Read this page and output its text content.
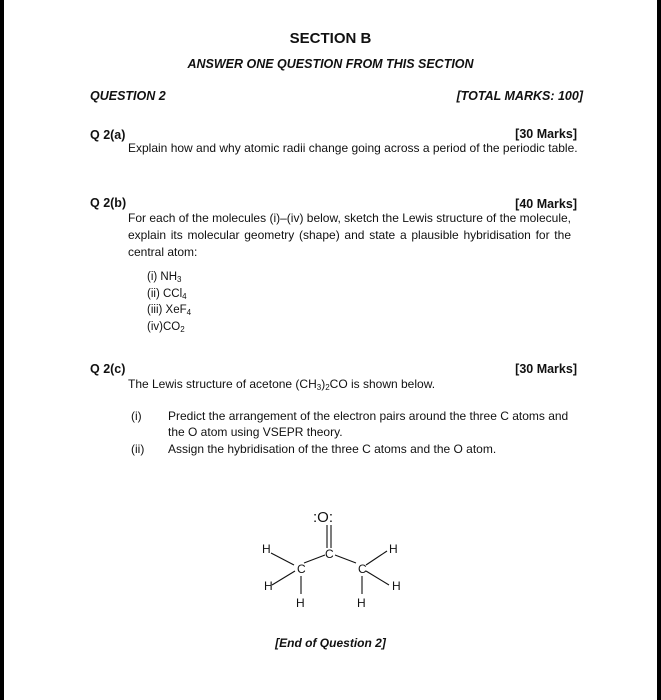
SECTION B
ANSWER ONE QUESTION FROM THIS SECTION
QUESTION 2	[TOTAL MARKS: 100]
Q 2(a)	[30 Marks]
Explain how and why atomic radii change going across a period of the periodic table.
Q 2(b)	[40 Marks]
For each of the molecules (i)–(iv) below, sketch the Lewis structure of the molecule, explain its molecular geometry (shape) and state a plausible hybridisation for the central atom:
(i) $NH_3$
(ii) CCl$_4$
(iii) XeF$_4$
$(iv)CO_2$
Q 2(c)	[30 Marks]
The Lewis structure of acetone $(CH_3)_2CO$ is shown below.
(i) Predict the arrangement of the electron pairs around the three C atoms and the O atom using VSEPR theory.
(ii) Assign the hybridisation of the three C atoms and the O atom.
:O:
C
C
H
H
H
C
H
H
H
[End of Question 2]
